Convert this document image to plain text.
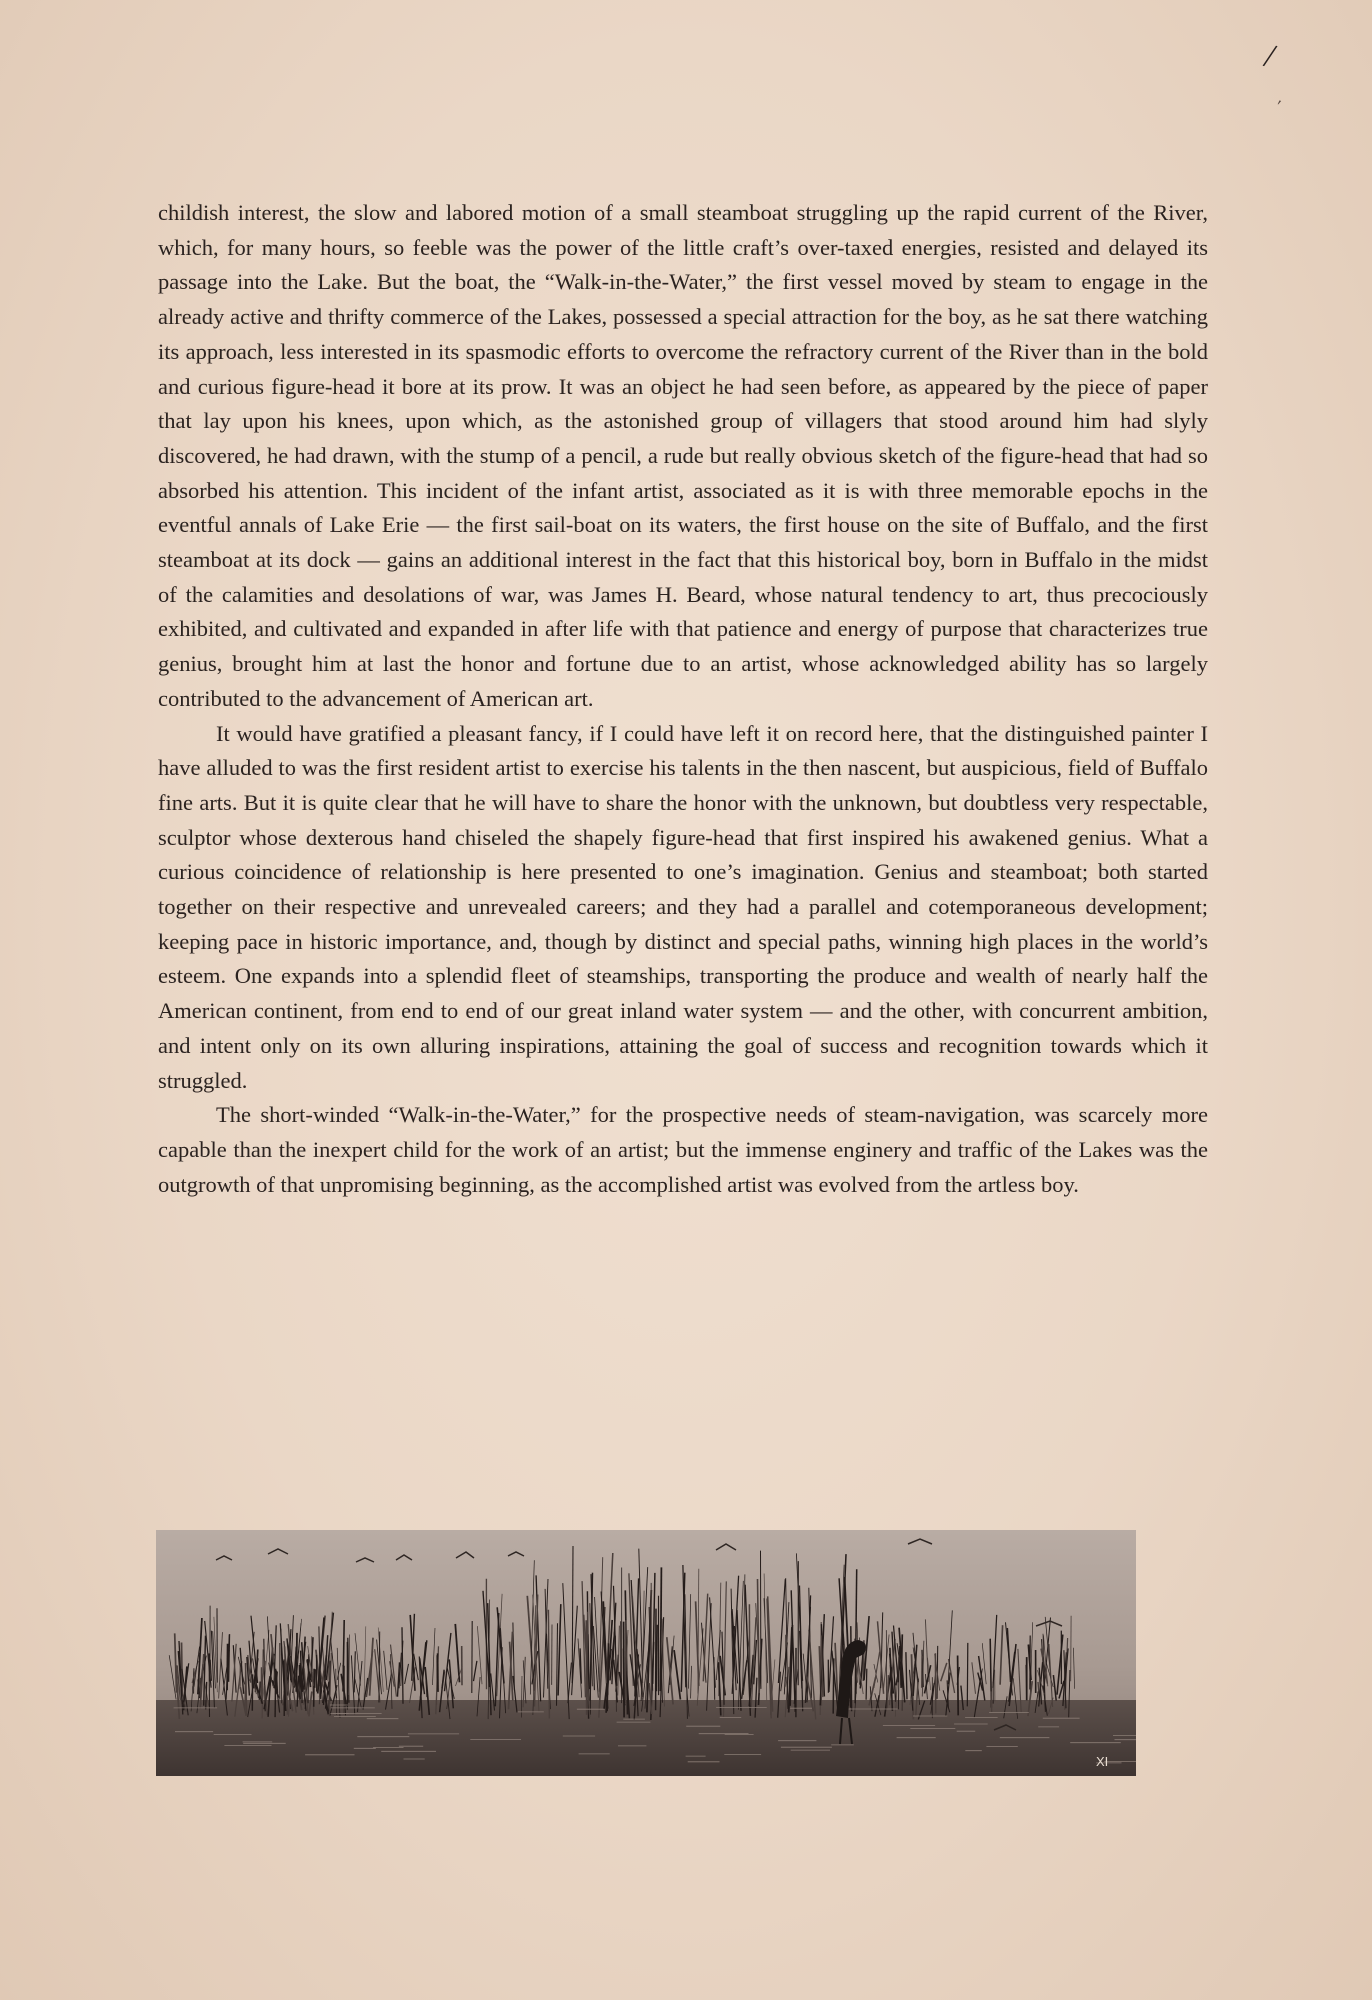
/
ʹ

childish interest, the slow and labored motion of a small steamboat struggling up the rapid current of the River, which, for many hours, so feeble was the power of the little craft’s over-taxed energies, resisted and delayed its passage into the Lake. But the boat, the “Walk-in-the-Water,” the first vessel moved by steam to engage in the already active and thrifty commerce of the Lakes, possessed a special attraction for the boy, as he sat there watching its approach, less interested in its spasmodic efforts to overcome the refractory current of the River than in the bold and curious figure-head it bore at its prow. It was an object he had seen before, as appeared by the piece of paper that lay upon his knees, upon which, as the astonished group of villagers that stood around him had slyly discovered, he had drawn, with the stump of a pencil, a rude but really obvious sketch of the figure-head that had so absorbed his attention. This incident of the infant artist, associated as it is with three memorable epochs in the eventful annals of Lake Erie — the first sail-boat on its waters, the first house on the site of Buffalo, and the first steamboat at its dock — gains an additional interest in the fact that this historical boy, born in Buffalo in the midst of the calamities and desolations of war, was James H. Beard, whose natural tendency to art, thus precociously exhibited, and cultivated and expanded in after life with that patience and energy of purpose that characterizes true genius, brought him at last the honor and fortune due to an artist, whose acknowledged ability has so largely contributed to the advancement of American art.

It would have gratified a pleasant fancy, if I could have left it on record here, that the distinguished painter I have alluded to was the first resident artist to exercise his talents in the then nascent, but auspicious, field of Buffalo fine arts. But it is quite clear that he will have to share the honor with the unknown, but doubtless very respectable, sculptor whose dexterous hand chiseled the shapely figure-head that first inspired his awakened genius. What a curious coincidence of relationship is here presented to one’s imagination. Genius and steamboat; both started together on their respective and unrevealed careers; and they had a parallel and cotemporaneous development; keeping pace in historic importance, and, though by distinct and special paths, winning high places in the world’s esteem. One expands into a splendid fleet of steamships, transporting the produce and wealth of nearly half the American continent, from end to end of our great inland water system — and the other, with concurrent ambition, and intent only on its own alluring inspirations, attaining the goal of success and recognition towards which it struggled.

The short-winded “Walk-in-the-Water,” for the prospective needs of steam-navigation, was scarcely more capable than the inexpert child for the work of an artist; but the immense enginery and traffic of the Lakes was the outgrowth of that unpromising beginning, as the accomplished artist was evolved from the artless boy.

XI
